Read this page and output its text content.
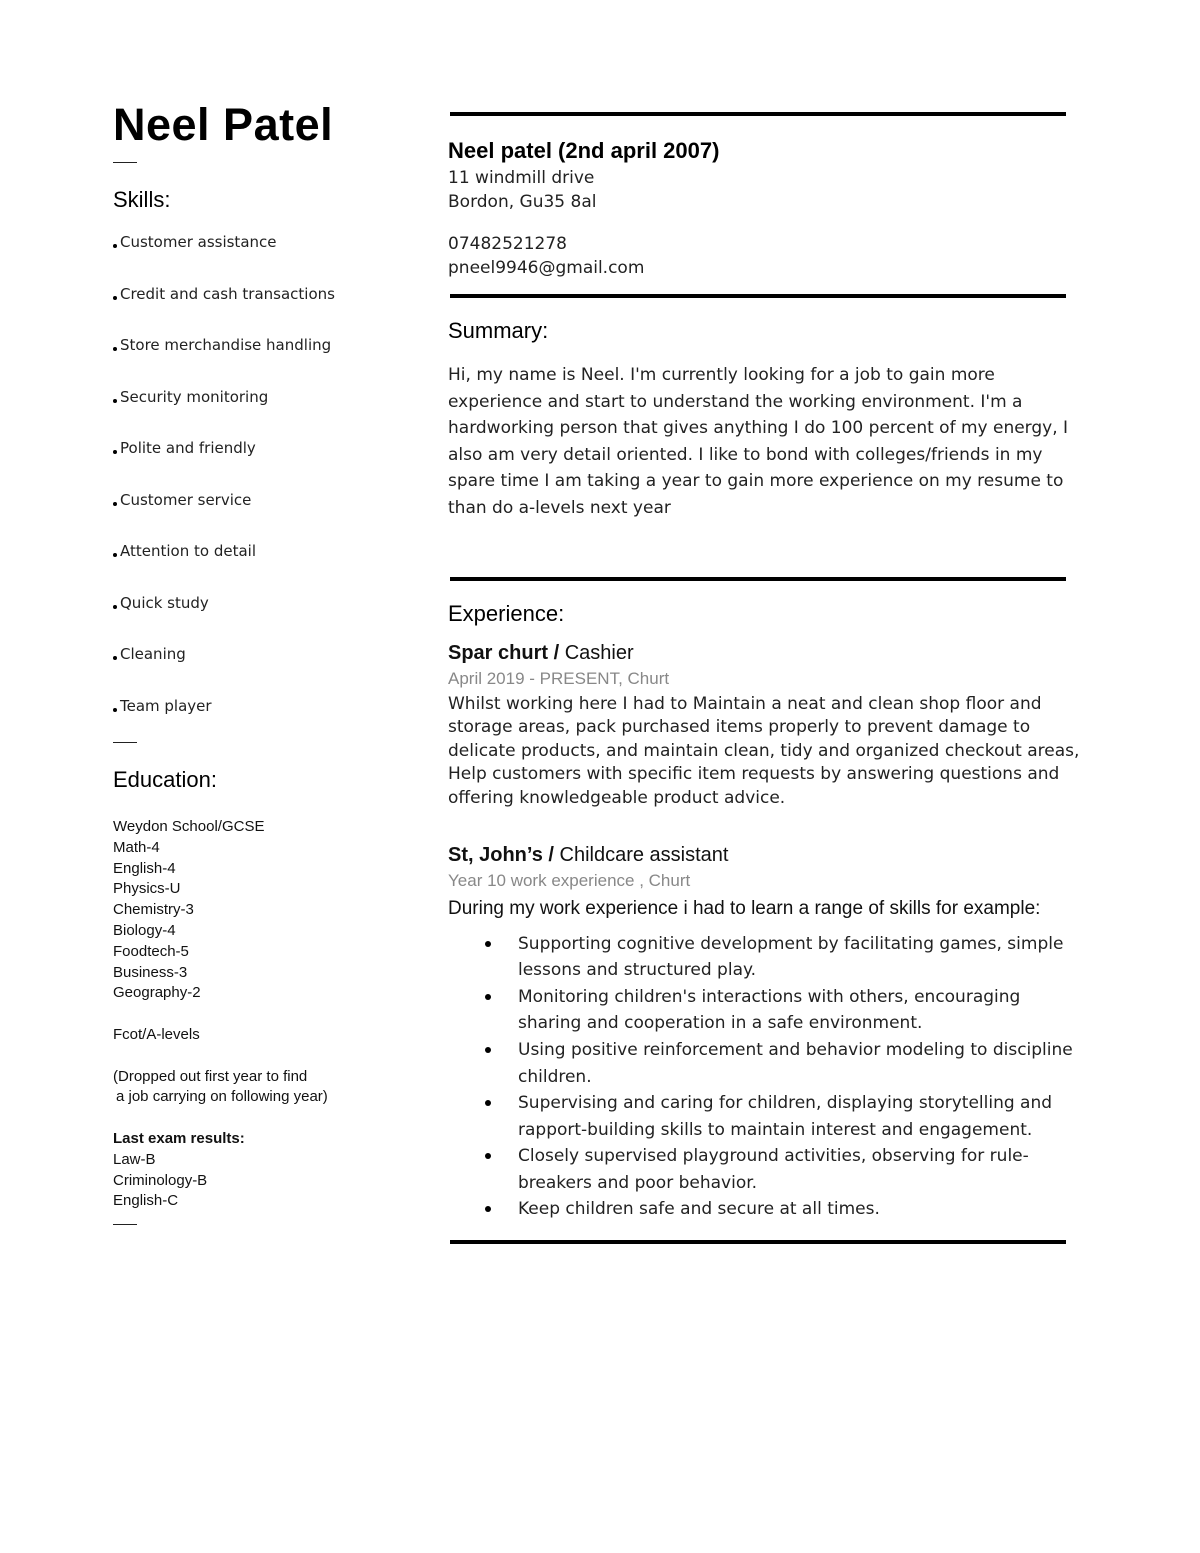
Neel Patel
Skills:
Customer assistance
Credit and cash transactions
Store merchandise handling
Security monitoring
Polite and friendly
Customer service
Attention to detail
Quick study
Cleaning
Team player
Education:
Weydon School/GCSE
Math-4
English-4
Physics-U
Chemistry-3
Biology-4
Foodtech-5
Business-3
Geography-2
Fcot/A-levels
(Dropped out first year to find
a job carrying on following year)
Last exam results:
Law-B
Criminology-B
English-C
Neel patel (2nd april 2007)
11 windmill drive
Bordon, Gu35 8al
07482521278
pneel9946@gmail.com
Summary:

Hi, my name is Neel. I'm currently looking for a job to gain more experience and start to understand the working environment. I'm a hardworking person that gives anything I do 100 percent of my energy, I also am very detail oriented. I like to bond with colleges/friends in my spare time I am taking a year to gain more experience on my resume to than do a-levels next year

Experience:
Spar churt / Cashier
April 2019 - PRESENT, Churt
Whilst working here I had to Maintain a neat and clean shop floor and storage areas, pack purchased items properly to prevent damage to delicate products, and maintain clean, tidy and organized checkout areas, Help customers with specific item requests by answering questions and offering knowledgeable product advice.
St, John’s / Childcare assistant
Year 10 work experience , Churt
During my work experience i had to learn a range of skills for example:
Supporting cognitive development by facilitating games, simple lessons and structured play.
Monitoring children's interactions with others, encouraging sharing and cooperation in a safe environment.
Using positive reinforcement and behavior modeling to discipline children.
Supervising and caring for children, displaying storytelling and rapport-building skills to maintain interest and engagement.
Closely supervised playground activities, observing for rule-breakers and poor behavior.
Keep children safe and secure at all times.
